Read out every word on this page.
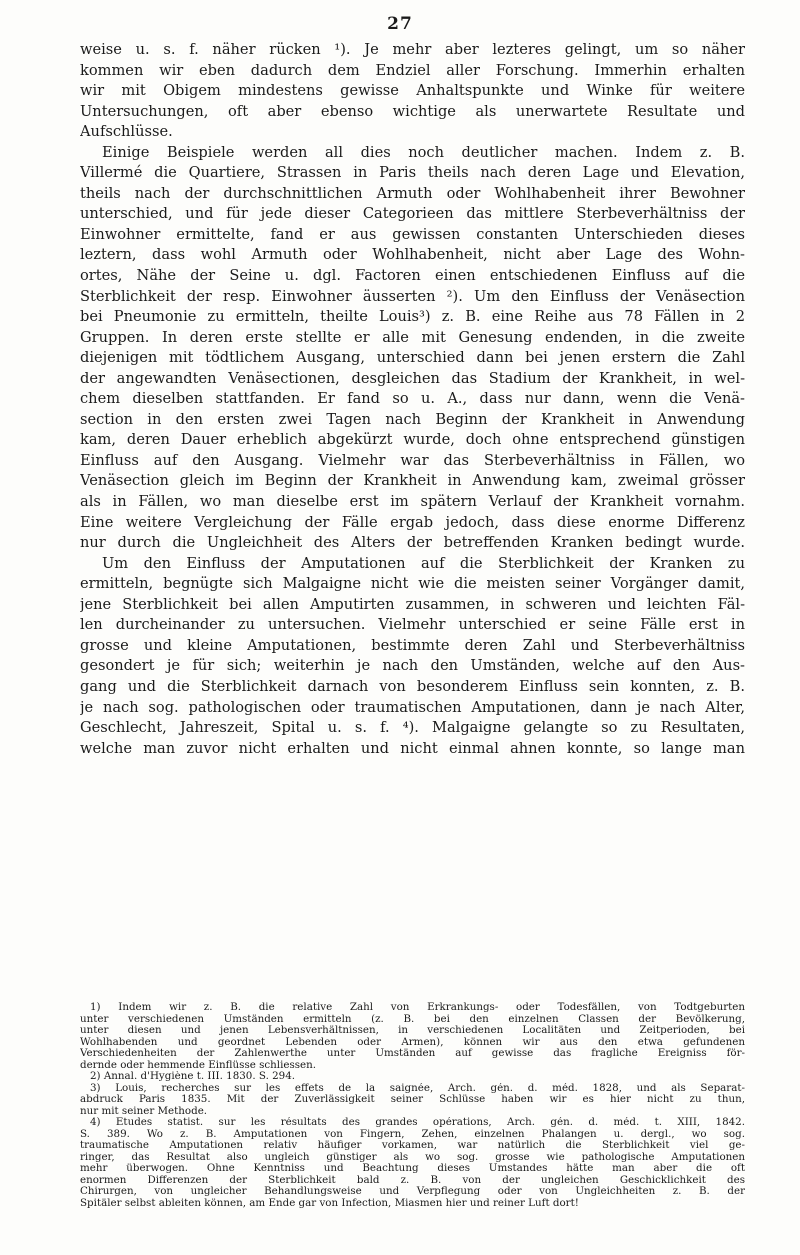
27
weise u. s. f. näher rücken ¹). Je mehr aber lezteres gelingt, um so näher
kommen wir eben dadurch dem Endziel aller Forschung. Immerhin erhalten
wir mit Obigem mindestens gewisse Anhaltspunkte und Winke für weitere
Untersuchungen, oft aber ebenso wichtige als unerwartete Resultate und
Aufschlüsse.
Einige Beispiele werden all dies noch deutlicher machen. Indem z. B.
Villermé die Quartiere, Strassen in Paris theils nach deren Lage und Elevation,
theils nach der durchschnittlichen Armuth oder Wohlhabenheit ihrer Bewohner
unterschied, und für jede dieser Categorieen das mittlere Sterbeverhältniss der
Einwohner ermittelte, fand er aus gewissen constanten Unterschieden dieses
leztern, dass wohl Armuth oder Wohlhabenheit, nicht aber Lage des Wohn-
ortes, Nähe der Seine u. dgl. Factoren einen entschiedenen Einfluss auf die
Sterblichkeit der resp. Einwohner äusserten ²). Um den Einfluss der Venäsection
bei Pneumonie zu ermitteln, theilte Louis³) z. B. eine Reihe aus 78 Fällen in 2
Gruppen. In deren erste stellte er alle mit Genesung endenden, in die zweite
diejenigen mit tödtlichem Ausgang, unterschied dann bei jenen erstern die Zahl
der angewandten Venäsectionen, desgleichen das Stadium der Krankheit, in wel-
chem dieselben stattfanden. Er fand so u. A., dass nur dann, wenn die Venä-
section in den ersten zwei Tagen nach Beginn der Krankheit in Anwendung
kam, deren Dauer erheblich abgekürzt wurde, doch ohne entsprechend günstigen
Einfluss auf den Ausgang. Vielmehr war das Sterbeverhältniss in Fällen, wo
Venäsection gleich im Beginn der Krankheit in Anwendung kam, zweimal grösser
als in Fällen, wo man dieselbe erst im spätern Verlauf der Krankheit vornahm.
Eine weitere Vergleichung der Fälle ergab jedoch, dass diese enorme Differenz
nur durch die Ungleichheit des Alters der betreffenden Kranken bedingt wurde.
Um den Einfluss der Amputationen auf die Sterblichkeit der Kranken zu
ermitteln, begnügte sich Malgaigne nicht wie die meisten seiner Vorgänger damit,
jene Sterblichkeit bei allen Amputirten zusammen, in schweren und leichten Fäl-
len durcheinander zu untersuchen. Vielmehr unterschied er seine Fälle erst in
grosse und kleine Amputationen, bestimmte deren Zahl und Sterbeverhältniss
gesondert je für sich; weiterhin je nach den Umständen, welche auf den Aus-
gang und die Sterblichkeit darnach von besonderem Einfluss sein konnten, z. B.
je nach sog. pathologischen oder traumatischen Amputationen, dann je nach Alter,
Geschlecht, Jahreszeit, Spital u. s. f. ⁴). Malgaigne gelangte so zu Resultaten,
welche man zuvor nicht erhalten und nicht einmal ahnen konnte, so lange man
1) Indem wir z. B. die relative Zahl von Erkrankungs- oder Todesfällen, von Todtgeburten
unter verschiedenen Umständen ermitteln (z. B. bei den einzelnen Classen der Bevölkerung,
unter diesen und jenen Lebensverhältnissen, in verschiedenen Localitäten und Zeitperioden, bei
Wohlhabenden und geordnet Lebenden oder Armen), können wir aus den etwa gefundenen
Verschiedenheiten der Zahlenwerthe unter Umständen auf gewisse das fragliche Ereigniss för-
dernde oder hemmende Einflüsse schliessen.
2) Annal. d'Hygiène t. III. 1830. S. 294.
3) Louis, recherches sur les effets de la saignée, Arch. gén. d. méd. 1828, und als Separat-
abdruck Paris 1835. Mit der Zuverlässigkeit seiner Schlüsse haben wir es hier nicht zu thun,
nur mit seiner Methode.
4) Études statist. sur les résultats des grandes opérations, Arch. gén. d. méd. t. XIII, 1842.
S. 389. Wo z. B. Amputationen von Fingern, Zehen, einzelnen Phalangen u. dergl., wo sog.
traumatische Amputationen relativ häufiger vorkamen, war natürlich die Sterblichkeit viel ge-
ringer, das Resultat also ungleich günstiger als wo sog. grosse wie pathologische Amputationen
mehr überwogen. Ohne Kenntniss und Beachtung dieses Umstandes hätte man aber die oft
enormen Differenzen der Sterblichkeit bald z. B. von der ungleichen Geschicklichkeit des
Chirurgen, von ungleicher Behandlungsweise und Verpflegung oder von Ungleichheiten z. B. der
Spitäler selbst ableiten können, am Ende gar von Infection, Miasmen hier und reiner Luft dort!
